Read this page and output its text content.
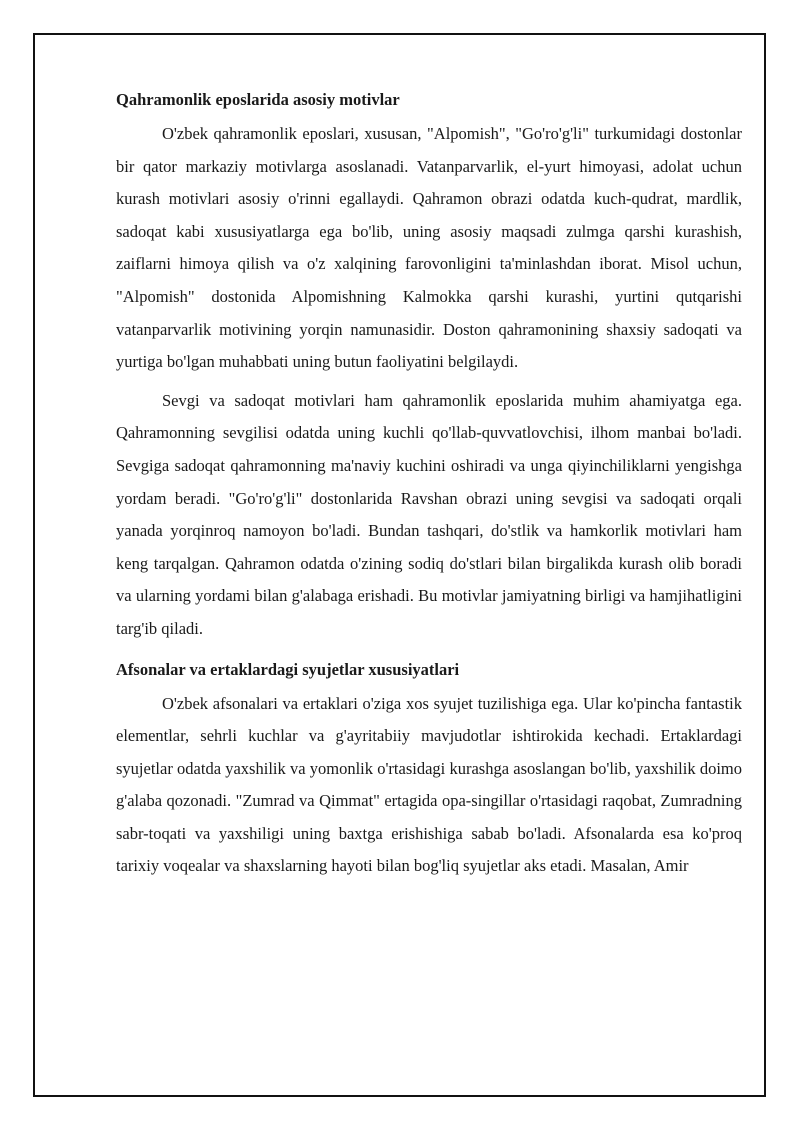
Qahramonlik eposlarida asosiy motivlar

O'zbek qahramonlik eposlari, xususan, "Alpomish", "Go'ro'g'li" turkumidagi dostonlar bir qator markaziy motivlarga asoslanadi. Vatanparvarlik, el-yurt himoyasi, adolat uchun kurash motivlari asosiy o'rinni egallaydi. Qahramon obrazi odatda kuch-qudrat, mardlik, sadoqat kabi xususiyatlarga ega bo'lib, uning asosiy maqsadi zulmga qarshi kurashish, zaiflarni himoya qilish va o'z xalqining farovonligini ta'minlashdan iborat. Misol uchun, "Alpomish" dostonida Alpomishning Kalmokka qarshi kurashi, yurtini qutqarishi vatanparvarlik motivining yorqin namunasidir. Doston qahramonining shaxsiy sadoqati va yurtiga bo'lgan muhabbati uning butun faoliyatini belgilaydi.

Sevgi va sadoqat motivlari ham qahramonlik eposlarida muhim ahamiyatga ega. Qahramonning sevgilisi odatda uning kuchli qo'llab-quvvatlovchisi, ilhom manbai bo'ladi. Sevgiga sadoqat qahramonning ma'naviy kuchini oshiradi va unga qiyinchiliklarni yengishga yordam beradi. "Go'ro'g'li" dostonlarida Ravshan obrazi uning sevgisi va sadoqati orqali yanada yorqinroq namoyon bo'ladi. Bundan tashqari, do'stlik va hamkorlik motivlari ham keng tarqalgan. Qahramon odatda o'zining sodiq do'stlari bilan birgalikda kurash olib boradi va ularning yordami bilan g'alabaga erishadi. Bu motivlar jamiyatning birligi va hamjihatligini targ'ib qiladi.

Afsonalar va ertaklardagi syujetlar xususiyatlari

O'zbek afsonalari va ertaklari o'ziga xos syujet tuzilishiga ega. Ular ko'pincha fantastik elementlar, sehrli kuchlar va g'ayritabiiy mavjudotlar ishtirokida kechadi. Ertaklardagi syujetlar odatda yaxshilik va yomonlik o'rtasidagi kurashga asoslangan bo'lib, yaxshilik doimo g'alaba qozonadi. "Zumrad va Qimmat" ertagida opa-singillar o'rtasidagi raqobat, Zumradning sabr-toqati va yaxshiligi uning baxtga erishishiga sabab bo'ladi. Afsonalarda esa ko'proq tarixiy voqealar va shaxslarning hayoti bilan bog'liq syujetlar aks etadi. Masalan, Amir
